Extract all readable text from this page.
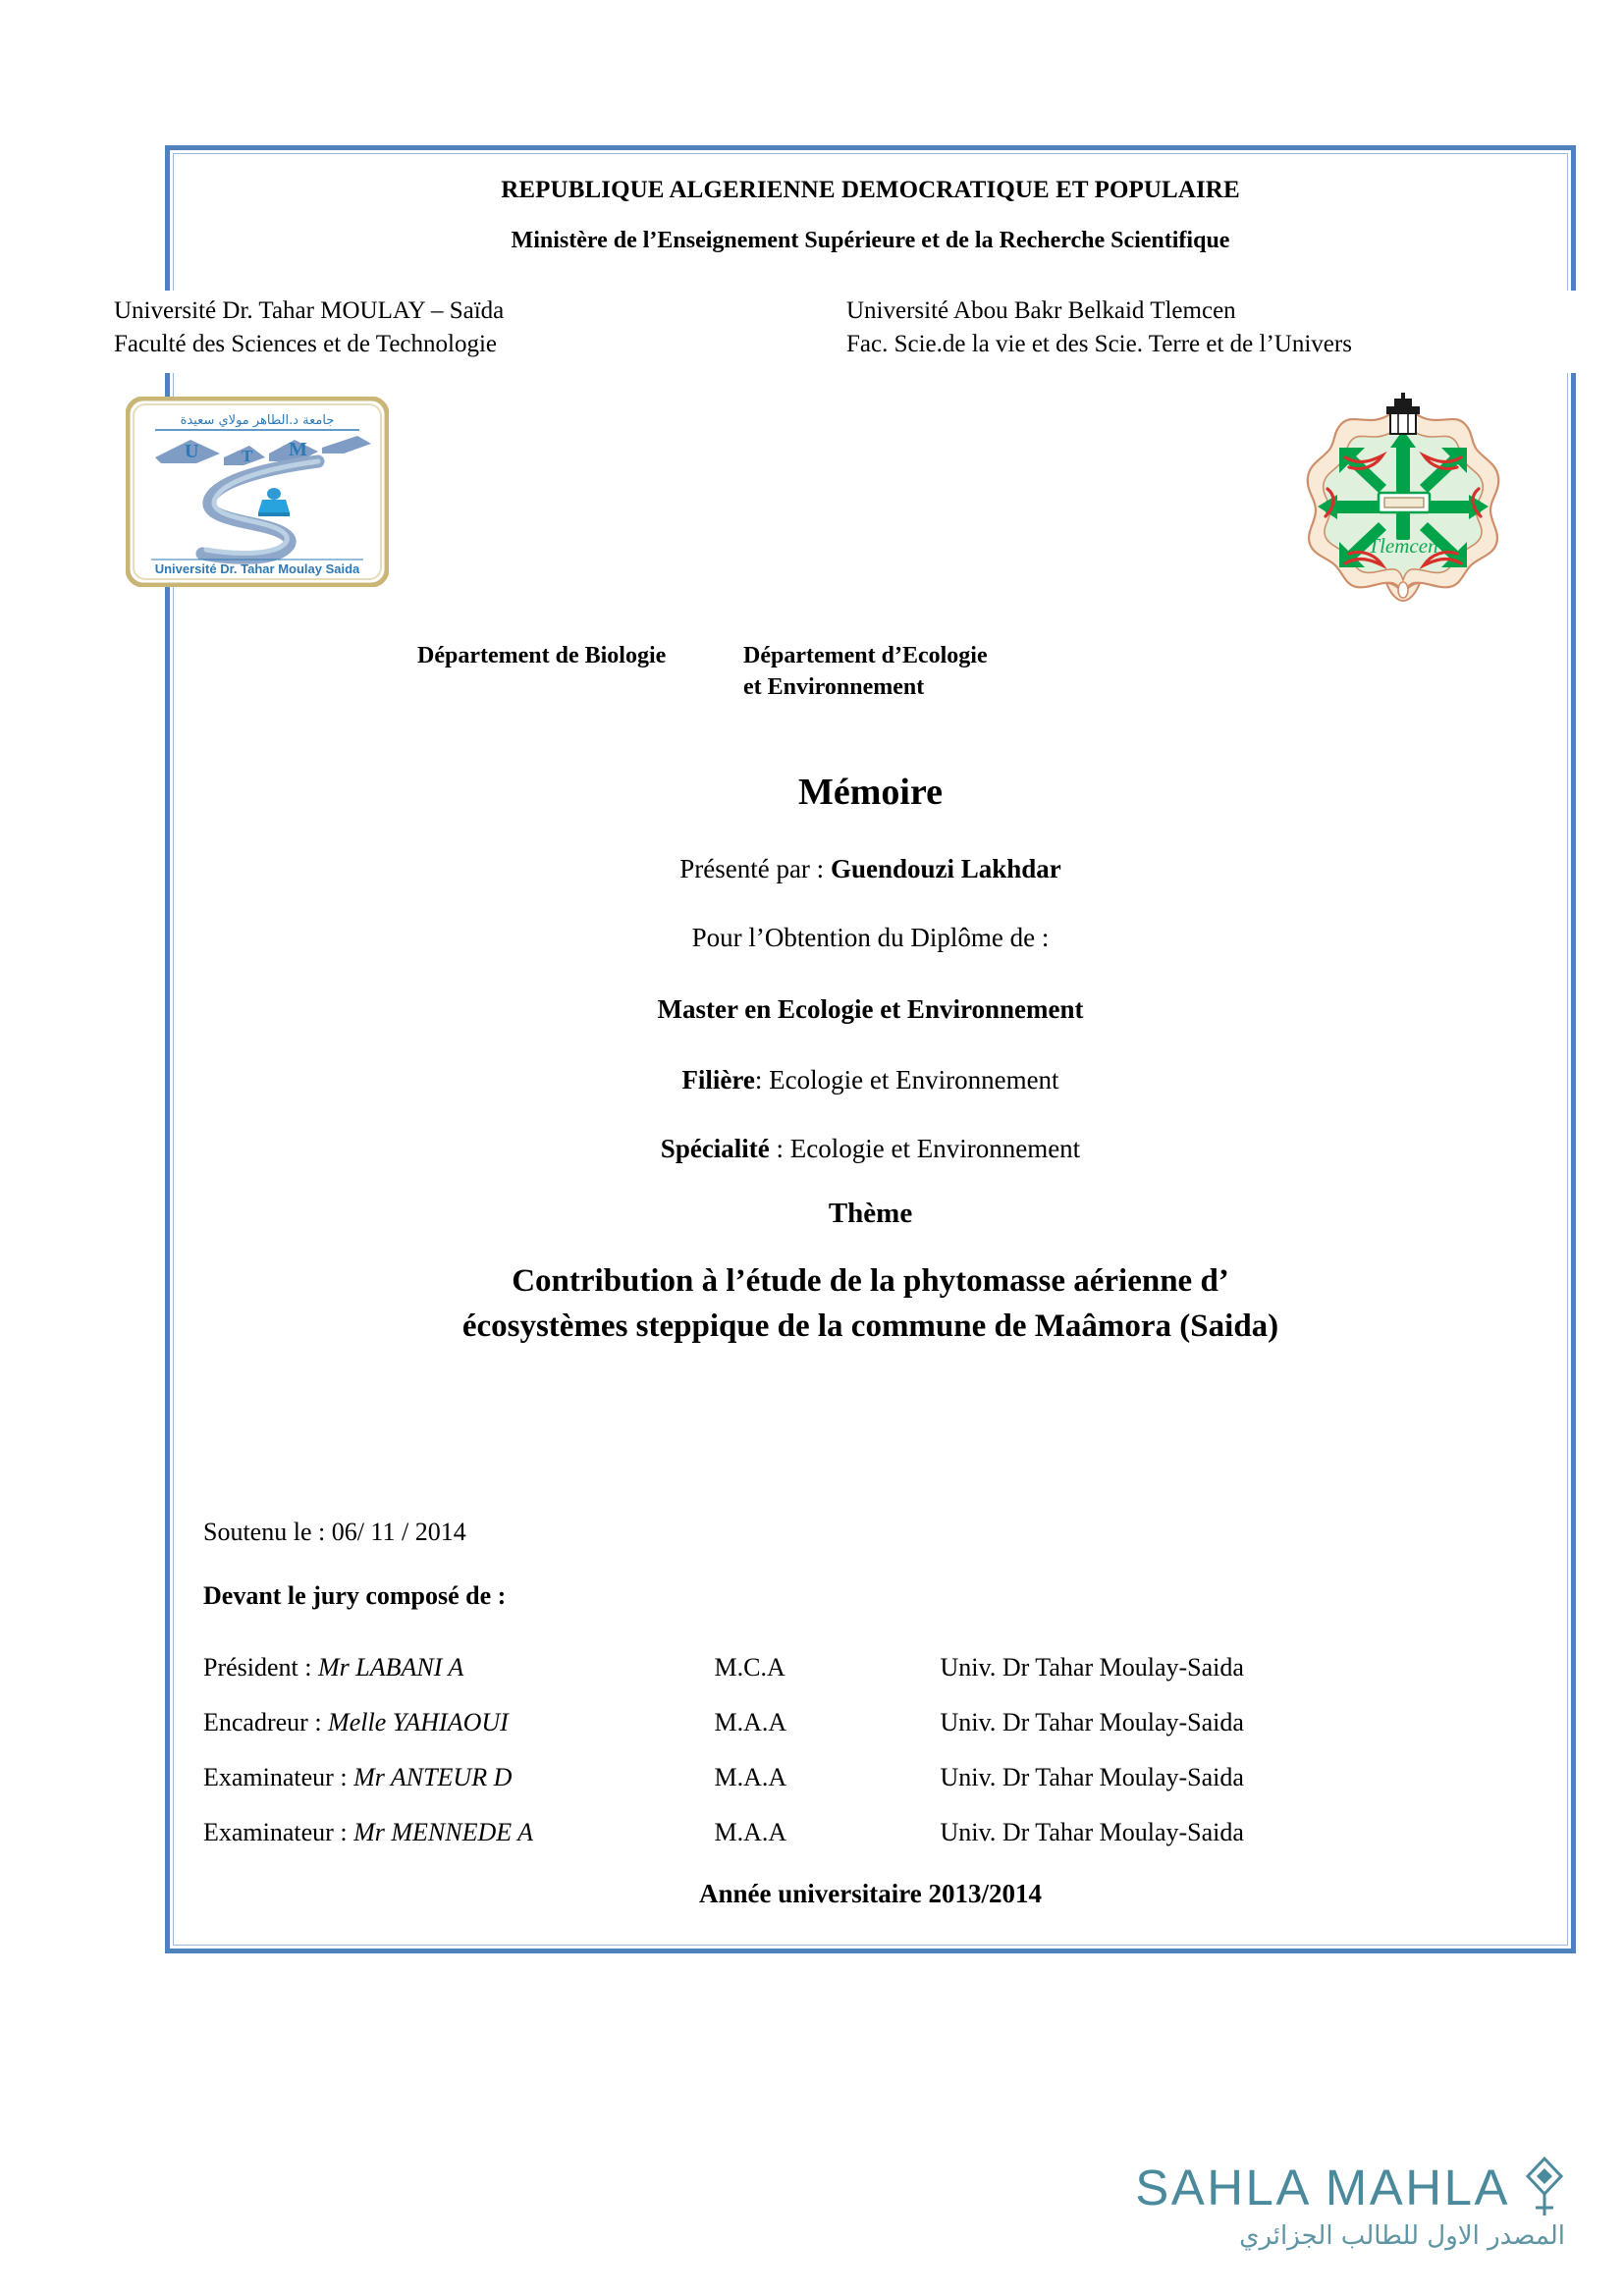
REPUBLIQUE ALGERIENNE DEMOCRATIQUE ET POPULAIRE
Ministère de l’Enseignement Supérieure et de la Recherche Scientifique
Département de Biologie	Département d’Ecologie
et Environnement
Mémoire
Présenté par : Guendouzi Lakhdar
Pour l’Obtention du Diplôme de :
Master en Ecologie et Environnement
Filière: Ecologie et Environnement
Spécialité : Ecologie et Environnement
Thème
Contribution à l’étude de la phytomasse aérienne d’
écosystèmes steppique de la commune de Maâmora (Saida)
Soutenu le : 06/ 11 / 2014
Devant le jury composé de :
Président : Mr LABANI A	M.C.A	Univ. Dr Tahar Moulay-Saida
Encadreur : Melle YAHIAOUI	M.A.A	Univ. Dr Tahar Moulay-Saida
Examinateur : Mr ANTEUR D	M.A.A	Univ. Dr Tahar Moulay-Saida
Examinateur : Mr MENNEDE A	M.A.A	Univ. Dr Tahar Moulay-Saida
Année universitaire 2013/2014
Université Dr. Tahar MOULAY – Saïda
Faculté des Sciences et de Technologie
Université Abou Bakr Belkaid Tlemcen
Fac. Scie.de la vie et des Scie. Terre et de l’Univers
جامعة د.الطاهر مولاي سعيدة
U	T M
Université Dr. Tahar Moulay Saida
Tlemcen
SAHLA MAHLA
المصدر الاول للطالب الجزائري
